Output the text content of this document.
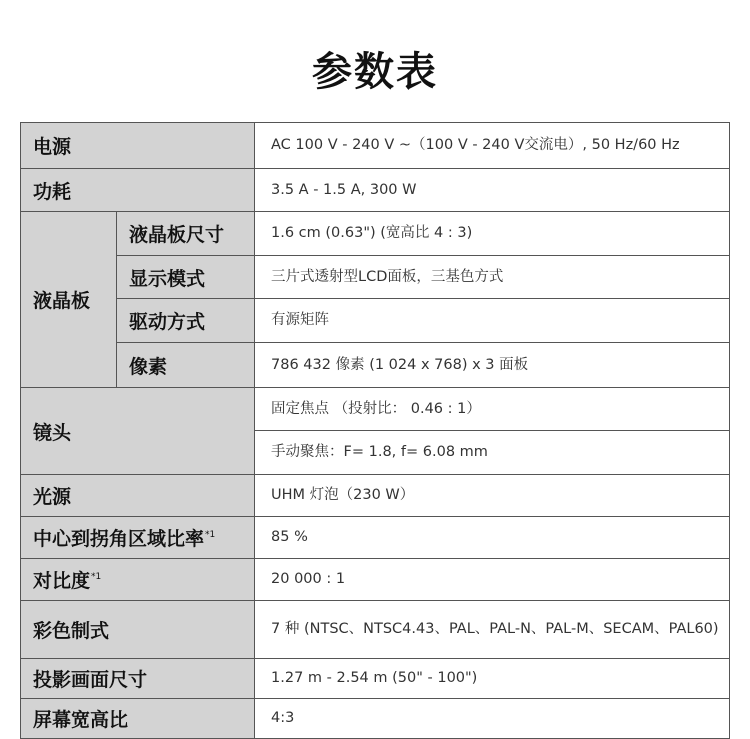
参数表
电源		AC 100 V - 240 V ~（100 V - 240 V交流电）, 50 Hz/60 Hz
功耗		3.5 A - 1.5 A, 300 W
液晶板	液晶板尺寸	1.6 cm (0.63") (宽高比 4 : 3)
	显示模式	三片式透射型LCD面板，三基色方式
	驱动方式	有源矩阵
	像素	786 432 像素 (1 024 x 768) x 3 面板
镜头		固定焦点 （投射比： 0.46 : 1）
		手动聚焦：F= 1.8, f= 6.08 mm
光源		UHM 灯泡（230 W）
中心到拐角区域比率$^{*1}$		85 %
对比度$^{*1}$		20 000 : 1
彩色制式		7 种 (NTSC、NTSC4.43、PAL、PAL-N、PAL-M、SECAM、PAL60)
投影画面尺寸		1.27 m - 2.54 m (50" - 100")
屏幕宽高比		4:3
